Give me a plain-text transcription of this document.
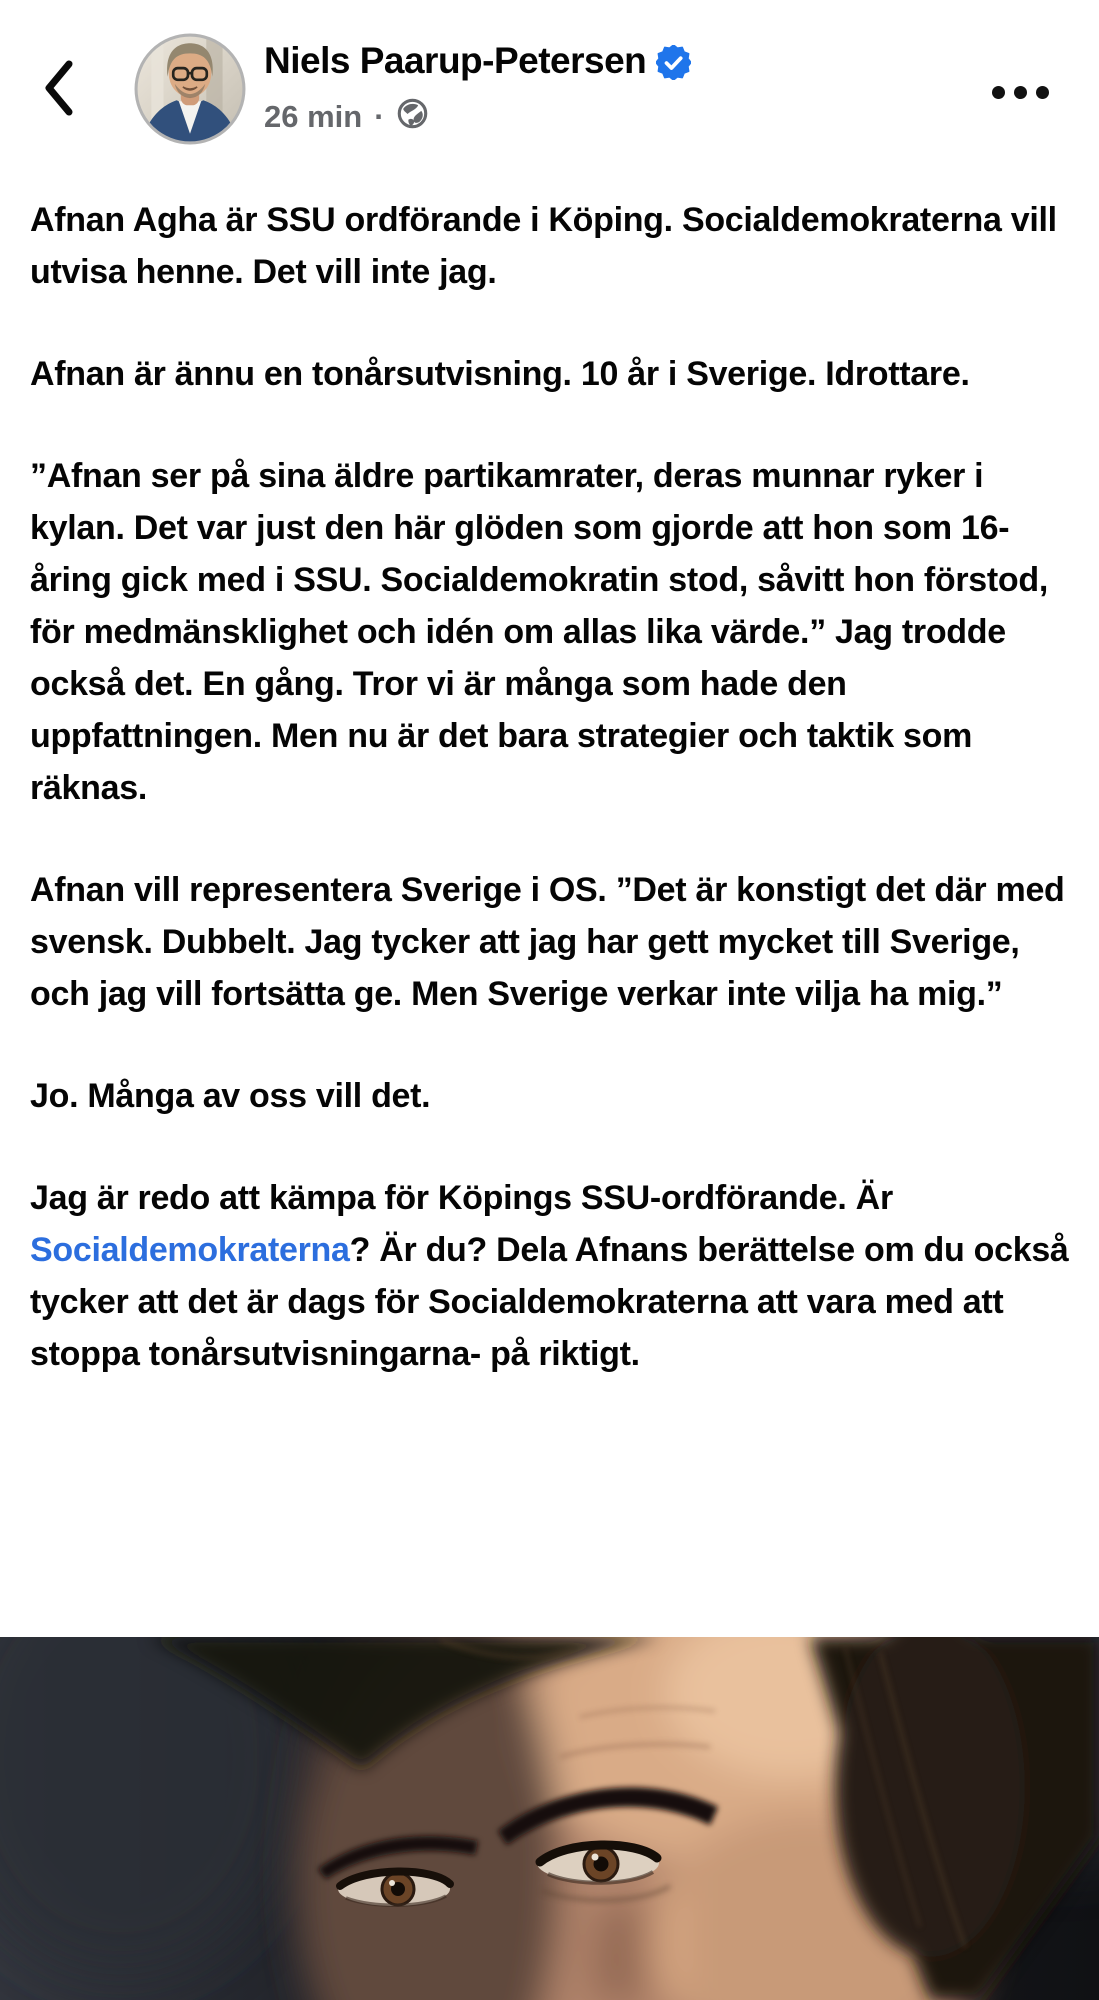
Niels Paarup-Petersen
26 min ·

Afnan Agha är SSU ordförande i Köping. Socialdemokraterna vill utvisa henne. Det vill inte jag.

Afnan är ännu en tonårsutvisning. 10 år i Sverige. Idrottare.

”Afnan ser på sina äldre partikamrater, deras munnar ryker i kylan. Det var just den här glöden som gjorde att hon som 16-åring gick med i SSU. Socialdemokratin stod, såvitt hon förstod, för medmänsklighet och idén om allas lika värde.” Jag trodde också det. En gång. Tror vi är många som hade den uppfattningen. Men nu är det bara strategier och taktik som räknas.

Afnan vill representera Sverige i OS. ”Det är konstigt det där med svensk. Dubbelt. Jag tycker att jag har gett mycket till Sverige, och jag vill fortsätta ge. Men Sverige verkar inte vilja ha mig.”

Jo. Många av oss vill det.

Jag är redo att kämpa för Köpings SSU-ordförande. Är Socialdemokraterna? Är du? Dela Afnans berättelse om du också tycker att det är dags för Socialdemokraterna att vara med att stoppa tonårsutvisningarna- på riktigt.
